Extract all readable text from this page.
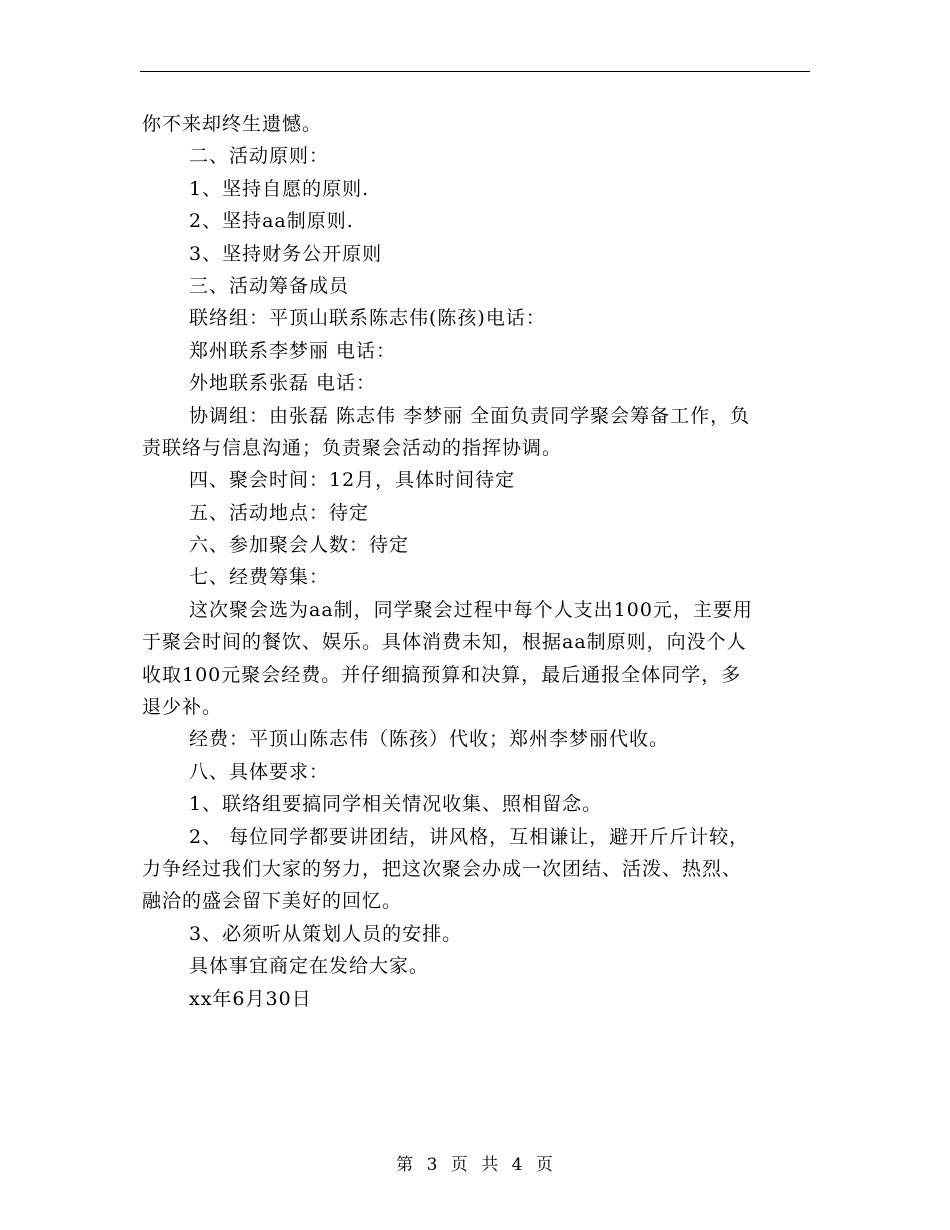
你不来却终生遗憾。
二、活动原则：
1、坚持自愿的原则.
2、坚持aa制原则.
3、坚持财务公开原则
三、活动筹备成员
联络组：平顶山联系陈志伟(陈孩)电话：
郑州联系李梦丽 电话：
外地联系张磊 电话：
协调组：由张磊 陈志伟 李梦丽 全面负责同学聚会筹备工作，负
责联络与信息沟通；负责聚会活动的指挥协调。
四、聚会时间：12月，具体时间待定
五、活动地点：待定
六、参加聚会人数：待定
七、经费筹集：
这次聚会选为aa制，同学聚会过程中每个人支出100元，主要用
于聚会时间的餐饮、娱乐。具体消费未知，根据aa制原则，向没个人
收取100元聚会经费。并仔细搞预算和决算，最后通报全体同学，多
退少补。
经费：平顶山陈志伟（陈孩）代收；郑州李梦丽代收。
八、具体要求：
1、联络组要搞同学相关情况收集、照相留念。
2、 每位同学都要讲团结，讲风格，互相谦让，避开斤斤计较，
力争经过我们大家的努力，把这次聚会办成一次团结、活泼、热烈、
融洽的盛会留下美好的回忆。
3、必须听从策划人员的安排。
具体事宜商定在发给大家。
xx年6月30日
第 3 页 共 4 页
